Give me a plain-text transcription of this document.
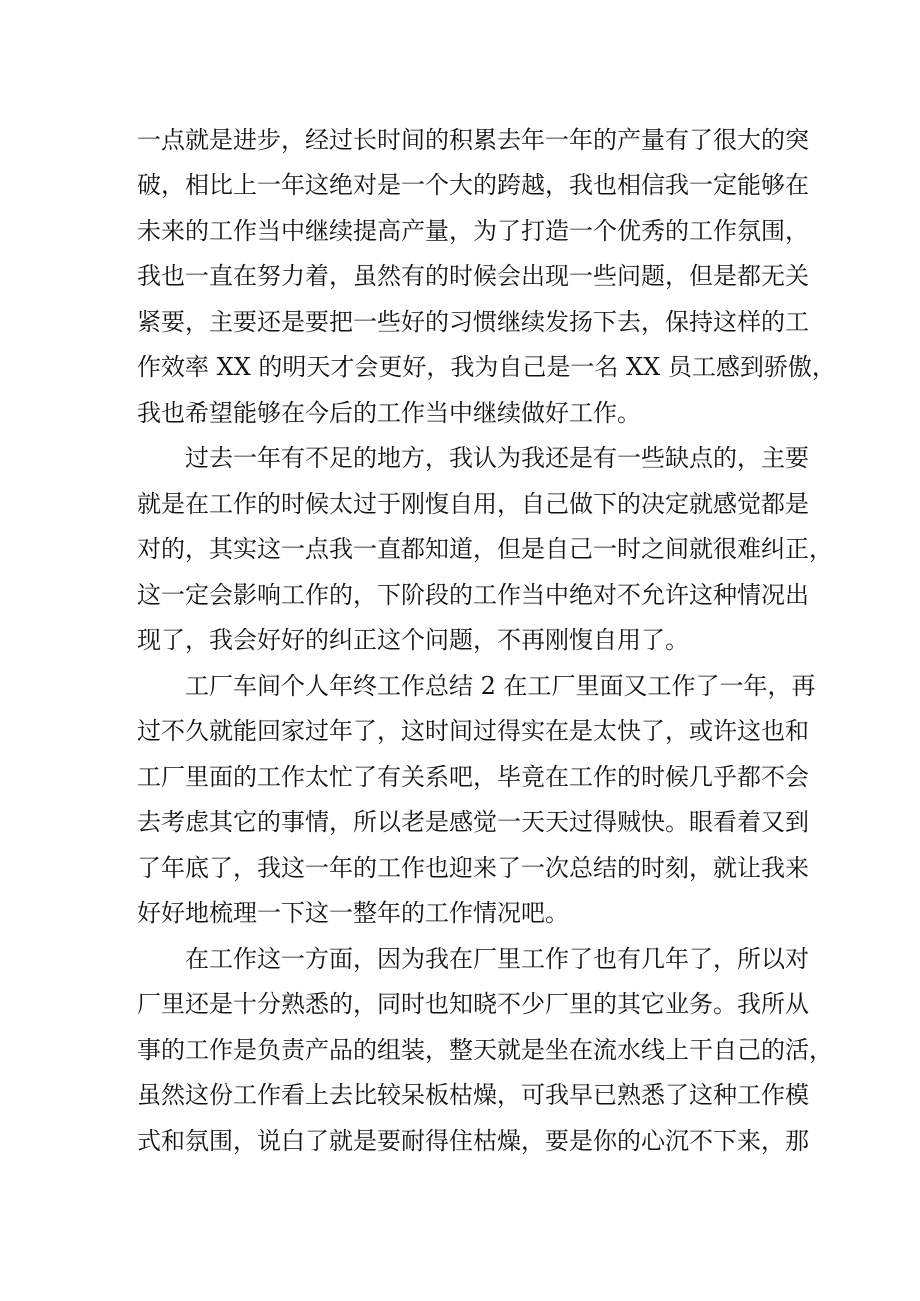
一点就是进步，经过长时间的积累去年一年的产量有了很大的突
破，相比上一年这绝对是一个大的跨越，我也相信我一定能够在
未来的工作当中继续提高产量，为了打造一个优秀的工作氛围，
我也一直在努力着，虽然有的时候会出现一些问题，但是都无关
紧要，主要还是要把一些好的习惯继续发扬下去，保持这样的工
作效率 XX 的明天才会更好，我为自己是一名 XX 员工感到骄傲，
我也希望能够在今后的工作当中继续做好工作。
过去一年有不足的地方，我认为我还是有一些缺点的，主要
就是在工作的时候太过于刚愎自用，自己做下的决定就感觉都是
对的，其实这一点我一直都知道，但是自己一时之间就很难纠正，
这一定会影响工作的，下阶段的工作当中绝对不允许这种情况出
现了，我会好好的纠正这个问题，不再刚愎自用了。
工厂车间个人年终工作总结 2 在工厂里面又工作了一年，再
过不久就能回家过年了，这时间过得实在是太快了，或许这也和
工厂里面的工作太忙了有关系吧，毕竟在工作的时候几乎都不会
去考虑其它的事情，所以老是感觉一天天过得贼快。眼看着又到
了年底了，我这一年的工作也迎来了一次总结的时刻，就让我来
好好地梳理一下这一整年的工作情况吧。
在工作这一方面，因为我在厂里工作了也有几年了，所以对
厂里还是十分熟悉的，同时也知晓不少厂里的其它业务。我所从
事的工作是负责产品的组装，整天就是坐在流水线上干自己的活，
虽然这份工作看上去比较呆板枯燥，可我早已熟悉了这种工作模
式和氛围，说白了就是要耐得住枯燥，要是你的心沉不下来，那
